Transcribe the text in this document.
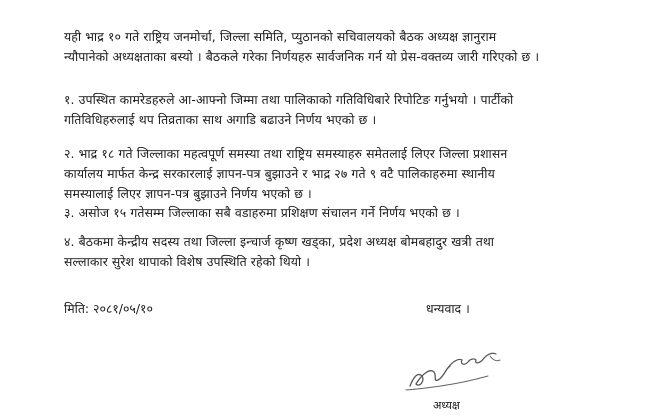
यही भाद्र १० गते राष्ट्रिय जनमोर्चा, जिल्ला समिति, प्युठानको सचिवालयको बैठक अध्यक्ष ज्ञानुराम
न्यौपानेको अध्यक्षताका बस्यो । बैठकले गरेका निर्णयहरु सार्वजनिक गर्न यो प्रेस-वक्तव्य जारी गरिएको छ ।
१. उपस्थित कामरेडहरुले आ-आफ्नो जिम्मा तथा पालिकाको गतिविधिबारे रिपोटिङ गर्नुभयो । पार्टीको
गतिविधिहरुलाई थप तिव्रताका साथ अगाडि बढाउने निर्णय भएको छ ।
२. भाद्र १८ गते जिल्लाका महत्वपूर्ण समस्या तथा राष्ट्रिय समस्याहरु समेतलाई लिएर जिल्ला प्रशासन
कार्यालय मार्फत केन्द्र सरकारलाई ज्ञापन-पत्र बुझाउने र भाद्र २७ गते ९ वटै पालिकाहरुमा स्थानीय
समस्यालाई लिएर ज्ञापन-पत्र बुझाउने निर्णय भएको छ ।
३. असोज १५ गतेसम्म जिल्लाका सबै वडाहरुमा प्रशिक्षण संचालन गर्ने निर्णय भएको छ ।
४. बैठकमा केन्द्रीय सदस्य तथा जिल्ला इन्चार्ज कृष्ण खड्का, प्रदेश अध्यक्ष बोमबहादुर खत्री तथा
सल्लाकार सुरेश थापाको विशेष उपस्थिति रहेको थियो ।
मिति: २०८१/०५/१०	धन्यवाद ।
अध्यक्ष
